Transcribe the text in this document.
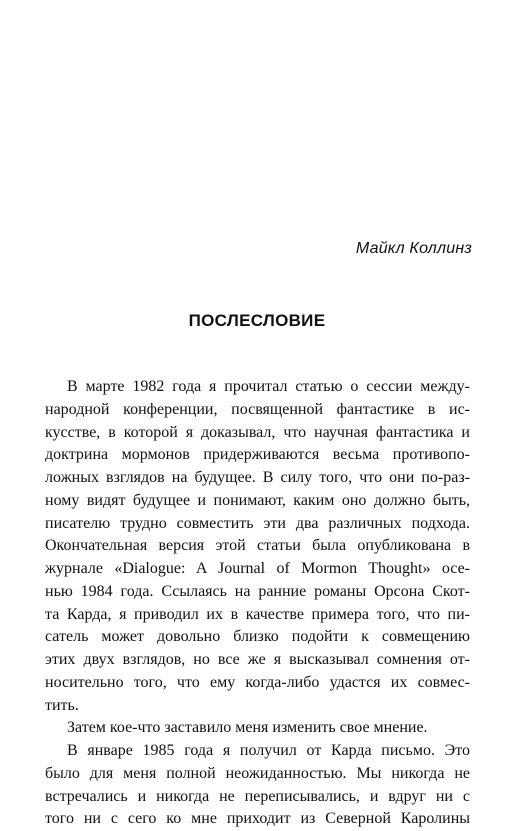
Майкл Коллинз
ПОСЛЕСЛОВИЕ
В марте 1982 года я прочитал статью о сессии между-
народной конференции, посвященной фантастике в ис-
кусстве, в которой я доказывал, что научная фантастика и
доктрина мормонов придерживаются весьма противопо-
ложных взглядов на будущее. В силу того, что они по-раз-
ному видят будущее и понимают, каким оно должно быть,
писателю трудно совместить эти два различных подхода.
Окончательная версия этой статьи была опубликована в
журнале «Dialogue: A Journal of Mormon Thought» осе-
нью 1984 года. Ссылаясь на ранние романы Орсона Скот-
та Карда, я приводил их в качестве примера того, что пи-
сатель может довольно близко подойти к совмещению
этих двух взглядов, но все же я высказывал сомнения от-
носительно того, что ему когда-либо удастся их совмес-
тить.
Затем кое-что заставило меня изменить свое мнение.
В январе 1985 года я получил от Карда письмо. Это
было для меня полной неожиданностью. Мы никогда не
встречались и никогда не переписывались, и вдруг ни с
того ни с сего ко мне приходит из Северной Каролины
